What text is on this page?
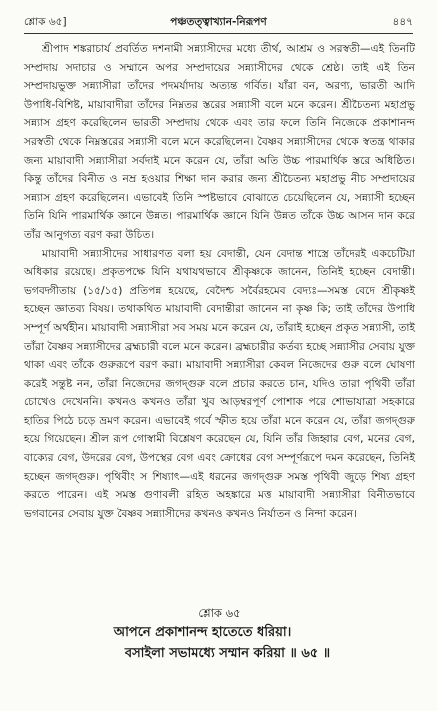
শ্লোক ৬৫]	পঞ্চতত্ত্বাখ্যান-নিরূপণ	৪৪৭

শ্রীপাদ শঙ্করাচার্য প্রবর্তিত দশনামী সন্ন্যাসীদের মধ্যে তীর্থ, আশ্রম ও সরস্বতী—এই তিনটি সম্প্রদায় সদাচার ও সম্মানে অপর সম্প্রদায়ের সন্ন্যাসীদের থেকে শ্রেষ্ঠ। তাই এই তিন সম্প্রদায়ভুক্ত সন্ন্যাসীরা তাঁদের পদমর্যাদায় অত্যন্ত গর্বিত। যাঁরা বন, অরণ্য, ভারতী আদি উপাধি-বিশিষ্ট, মায়াবাদীরা তাঁদের নিম্নতর স্তরের সন্ন্যাসী বলে মনে করেন। শ্রীচৈতন্য মহাপ্রভু সন্ন্যাস গ্রহণ করেছিলেন ভারতী সম্প্রদায় থেকে এবং তার ফলে তিনি নিজেকে প্রকাশানন্দ সরস্বতী থেকে নিম্নস্তরের সন্ন্যাসী বলে মনে করেছিলেন। বৈষ্ণব সন্ন্যাসীদের থেকে স্বতন্ত্র থাকার জন্য মায়াবাদী সন্ন্যাসীরা সর্বদাই মনে করেন যে, তাঁরা অতি উচ্চ পারমার্থিক স্তরে অধিষ্ঠিত। কিন্তু তাঁদের বিনীত ও নম্র হওয়ার শিক্ষা দান করার জন্য শ্রীচৈতন্য মহাপ্রভু নীচ সম্প্রদায়ের সন্ন্যাস গ্রহণ করেছিলেন। এভাবেই তিনি স্পষ্টভাবে বোঝাতে চেয়েছিলেন যে, সন্ন্যাসী হচ্ছেন তিনি যিনি পারমার্থিক জ্ঞানে উন্নত। পারমার্থিক জ্ঞানে যিনি উন্নত তাঁকে উচ্চ আসন দান করে তাঁর আনুগত্য বরণ করা উচিত।

মায়াবাদী সন্ন্যাসীদের সাধারণত বলা হয় বেদান্তী, যেন বেদান্ত শাস্ত্রে তাঁদেরই একচেটিয়া অধিকার রয়েছে। প্রকৃতপক্ষে যিনি যথাযথভাবে শ্রীকৃষ্ণকে জানেন, তিনিই হচ্ছেন বেদান্তী। ভগবদ্গীতায় (১৫/১৫) প্রতিপন্ন হয়েছে, বেদৈশ্চ সর্বৈরহমেব বেদ্যঃ—সমস্ত বেদে শ্রীকৃষ্ণই হচ্ছেন জ্ঞাতব্য বিষয়। তথাকথিত মায়াবাদী বেদান্তীরা জানেন না কৃষ্ণ কি; তাই তাঁদের উপাধি সম্পূর্ণ অর্থহীন। মায়াবাদী সন্ন্যাসীরা সব সময় মনে করেন যে, তাঁরাই হচ্ছেন প্রকৃত সন্ন্যাসী, তাই তাঁরা বৈষ্ণব সন্ন্যাসীদের ব্রহ্মচারী বলে মনে করেন। ব্রহ্মচারীর কর্তব্য হচ্ছে সন্ন্যাসীর সেবায় যুক্ত থাকা এবং তাঁকে গুরুরূপে বরণ করা। মায়াবাদী সন্ন্যাসীরা কেবল নিজেদের গুরু বলে ঘোষণা করেই সন্তুষ্ট নন, তাঁরা নিজেদের জগদ্গুরু বলে প্রচার করতে চান, যদিও তারা পৃথিবী তাঁরা চোখেও দেখেননি। কখনও কখনও তাঁরা খুব আড়ম্বরপূর্ণ পোশাক পরে শোভাযাত্রা সহকারে হাতির পিঠে চড়ে ভ্রমণ করেন। এভাবেই গর্বে স্ফীত হয়ে তাঁরা মনে করেন যে, তাঁরা জগদ্গুরু হয়ে গিয়েছেন। শ্রীল রূপ গোস্বামী বিশ্লেষণ করেছেন যে, যিনি তাঁর জিহ্বার বেগ, মনের বেগ, বাক্যের বেগ, উদরের বেগ, উপস্থের বেগ এবং ক্রোধের বেগ সম্পূর্ণরূপে দমন করেছেন, তিনিই হচ্ছেন জগদ্গুরু। পৃথিবীং স শিষ্যাৎ—এই ধরনের জগদ্গুরু সমস্ত পৃথিবী জুড়ে শিষ্য গ্রহণ করতে পারেন। এই সমস্ত গুণাবলী রহিত অহঙ্কারে মত্ত মায়াবাদী সন্ন্যাসীরা বিনীতভাবে ভগবানের সেবায় যুক্ত বৈষ্ণব সন্ন্যাসীদের কখনও কখনও নির্যাতন ও নিন্দা করেন।

শ্লোক ৬৫
আপনে প্রকাশানন্দ হাতেতে ধরিয়া।
বসাইলা সভামধ্যে সম্মান করিয়া ॥ ৬৫ ॥
